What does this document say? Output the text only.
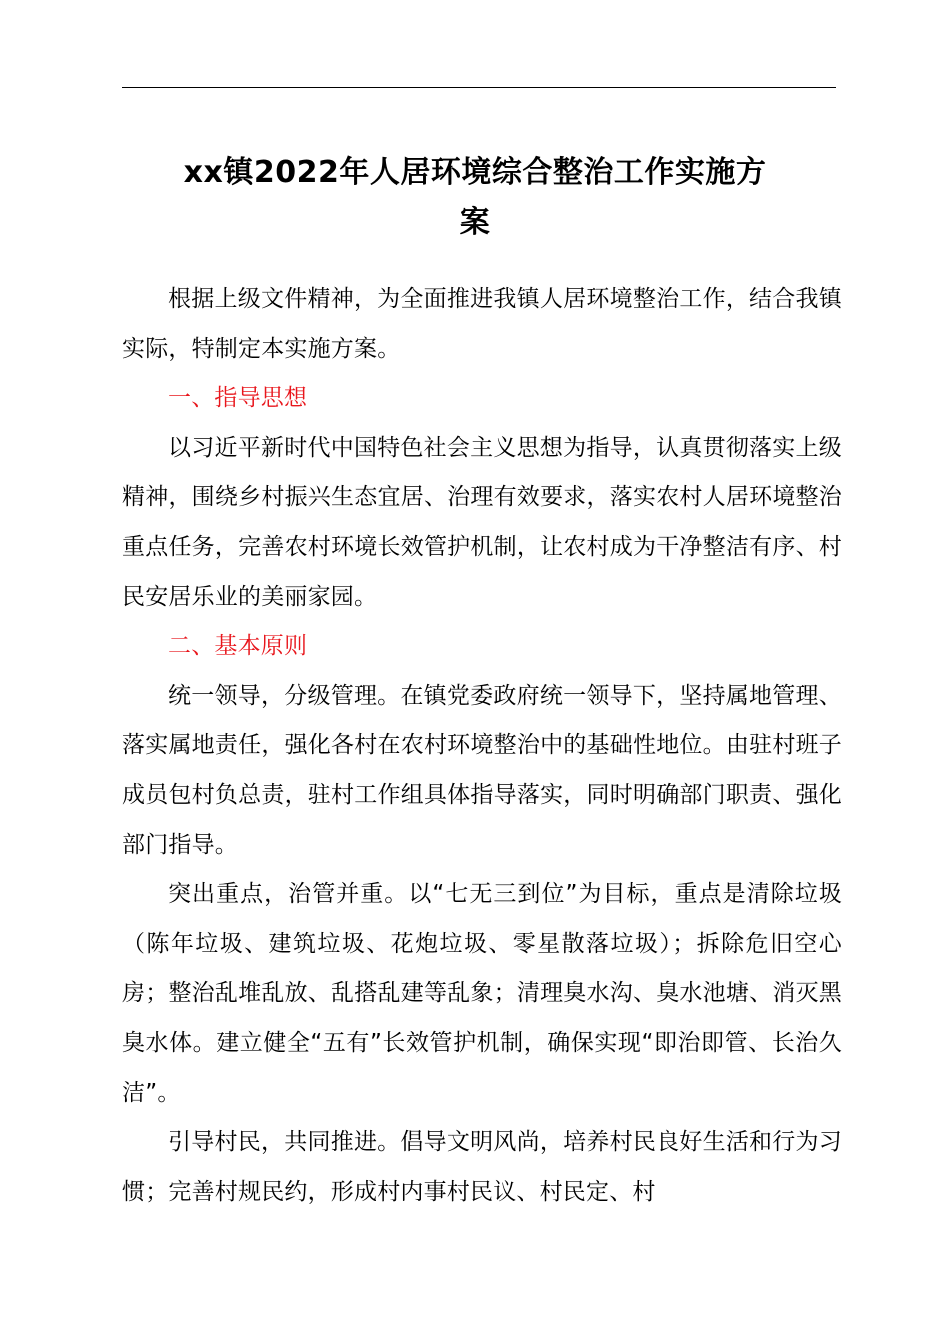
xx镇2022年人居环境综合整治工作实施方
案

根据上级文件精神，为全面推进我镇人居环境整治工作，结合我镇实际，特制定本实施方案。

一、指导思想

以习近平新时代中国特色社会主义思想为指导，认真贯彻落实上级精神，围绕乡村振兴生态宜居、治理有效要求，落实农村人居环境整治重点任务，完善农村环境长效管护机制，让农村成为干净整洁有序、村民安居乐业的美丽家园。

二、基本原则

统一领导，分级管理。在镇党委政府统一领导下，坚持属地管理、落实属地责任，强化各村在农村环境整治中的基础性地位。由驻村班子成员包村负总责，驻村工作组具体指导落实，同时明确部门职责、强化部门指导。

突出重点，治管并重。以“七无三到位”为目标，重点是清除垃圾（陈年垃圾、建筑垃圾、花炮垃圾、零星散落垃圾）；拆除危旧空心房；整治乱堆乱放、乱搭乱建等乱象；清理臭水沟、臭水池塘、消灭黑臭水体。建立健全“五有”长效管护机制，确保实现“即治即管、长治久洁”。

引导村民，共同推进。倡导文明风尚，培养村民良好生活和行为习惯；完善村规民约，形成村内事村民议、村民定、村
